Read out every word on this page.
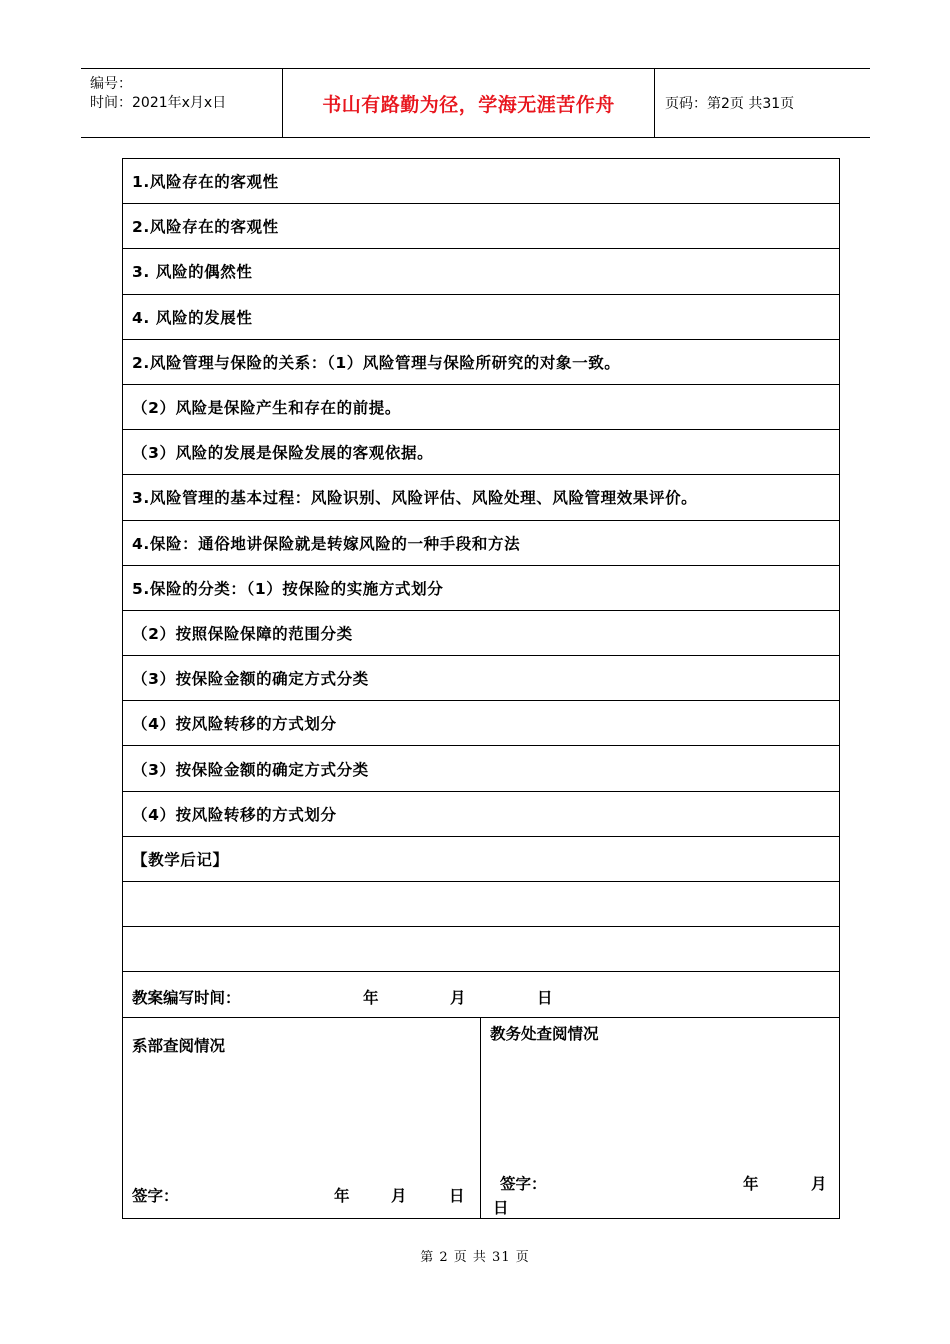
编号：
时间：2021年x月x日	书山有路勤为径，学海无涯苦作舟	页码：第2页 共31页
1.风险存在的客观性
2.风险存在的客观性
3. 风险的偶然性
4. 风险的发展性
2.风险管理与保险的关系：（1）风险管理与保险所研究的对象一致。
（2）风险是保险产生和存在的前提。
（3）风险的发展是保险发展的客观依据。
3.风险管理的基本过程：风险识别、风险评估、风险处理、风险管理效果评价。
4.保险：通俗地讲保险就是转嫁风险的一种手段和方法
5.保险的分类：（1）按保险的实施方式划分
（2）按照保险保障的范围分类
（3）按保险金额的确定方式分类
（4）按风险转移的方式划分
（3）按保险金额的确定方式分类
（4）按风险转移的方式划分
【教学后记】
教案编写时间：	年	月	日
系部查阅情况
签字：	年	月	日
教务处查阅情况
签字：	年	月
日
第 2 页 共 31 页
